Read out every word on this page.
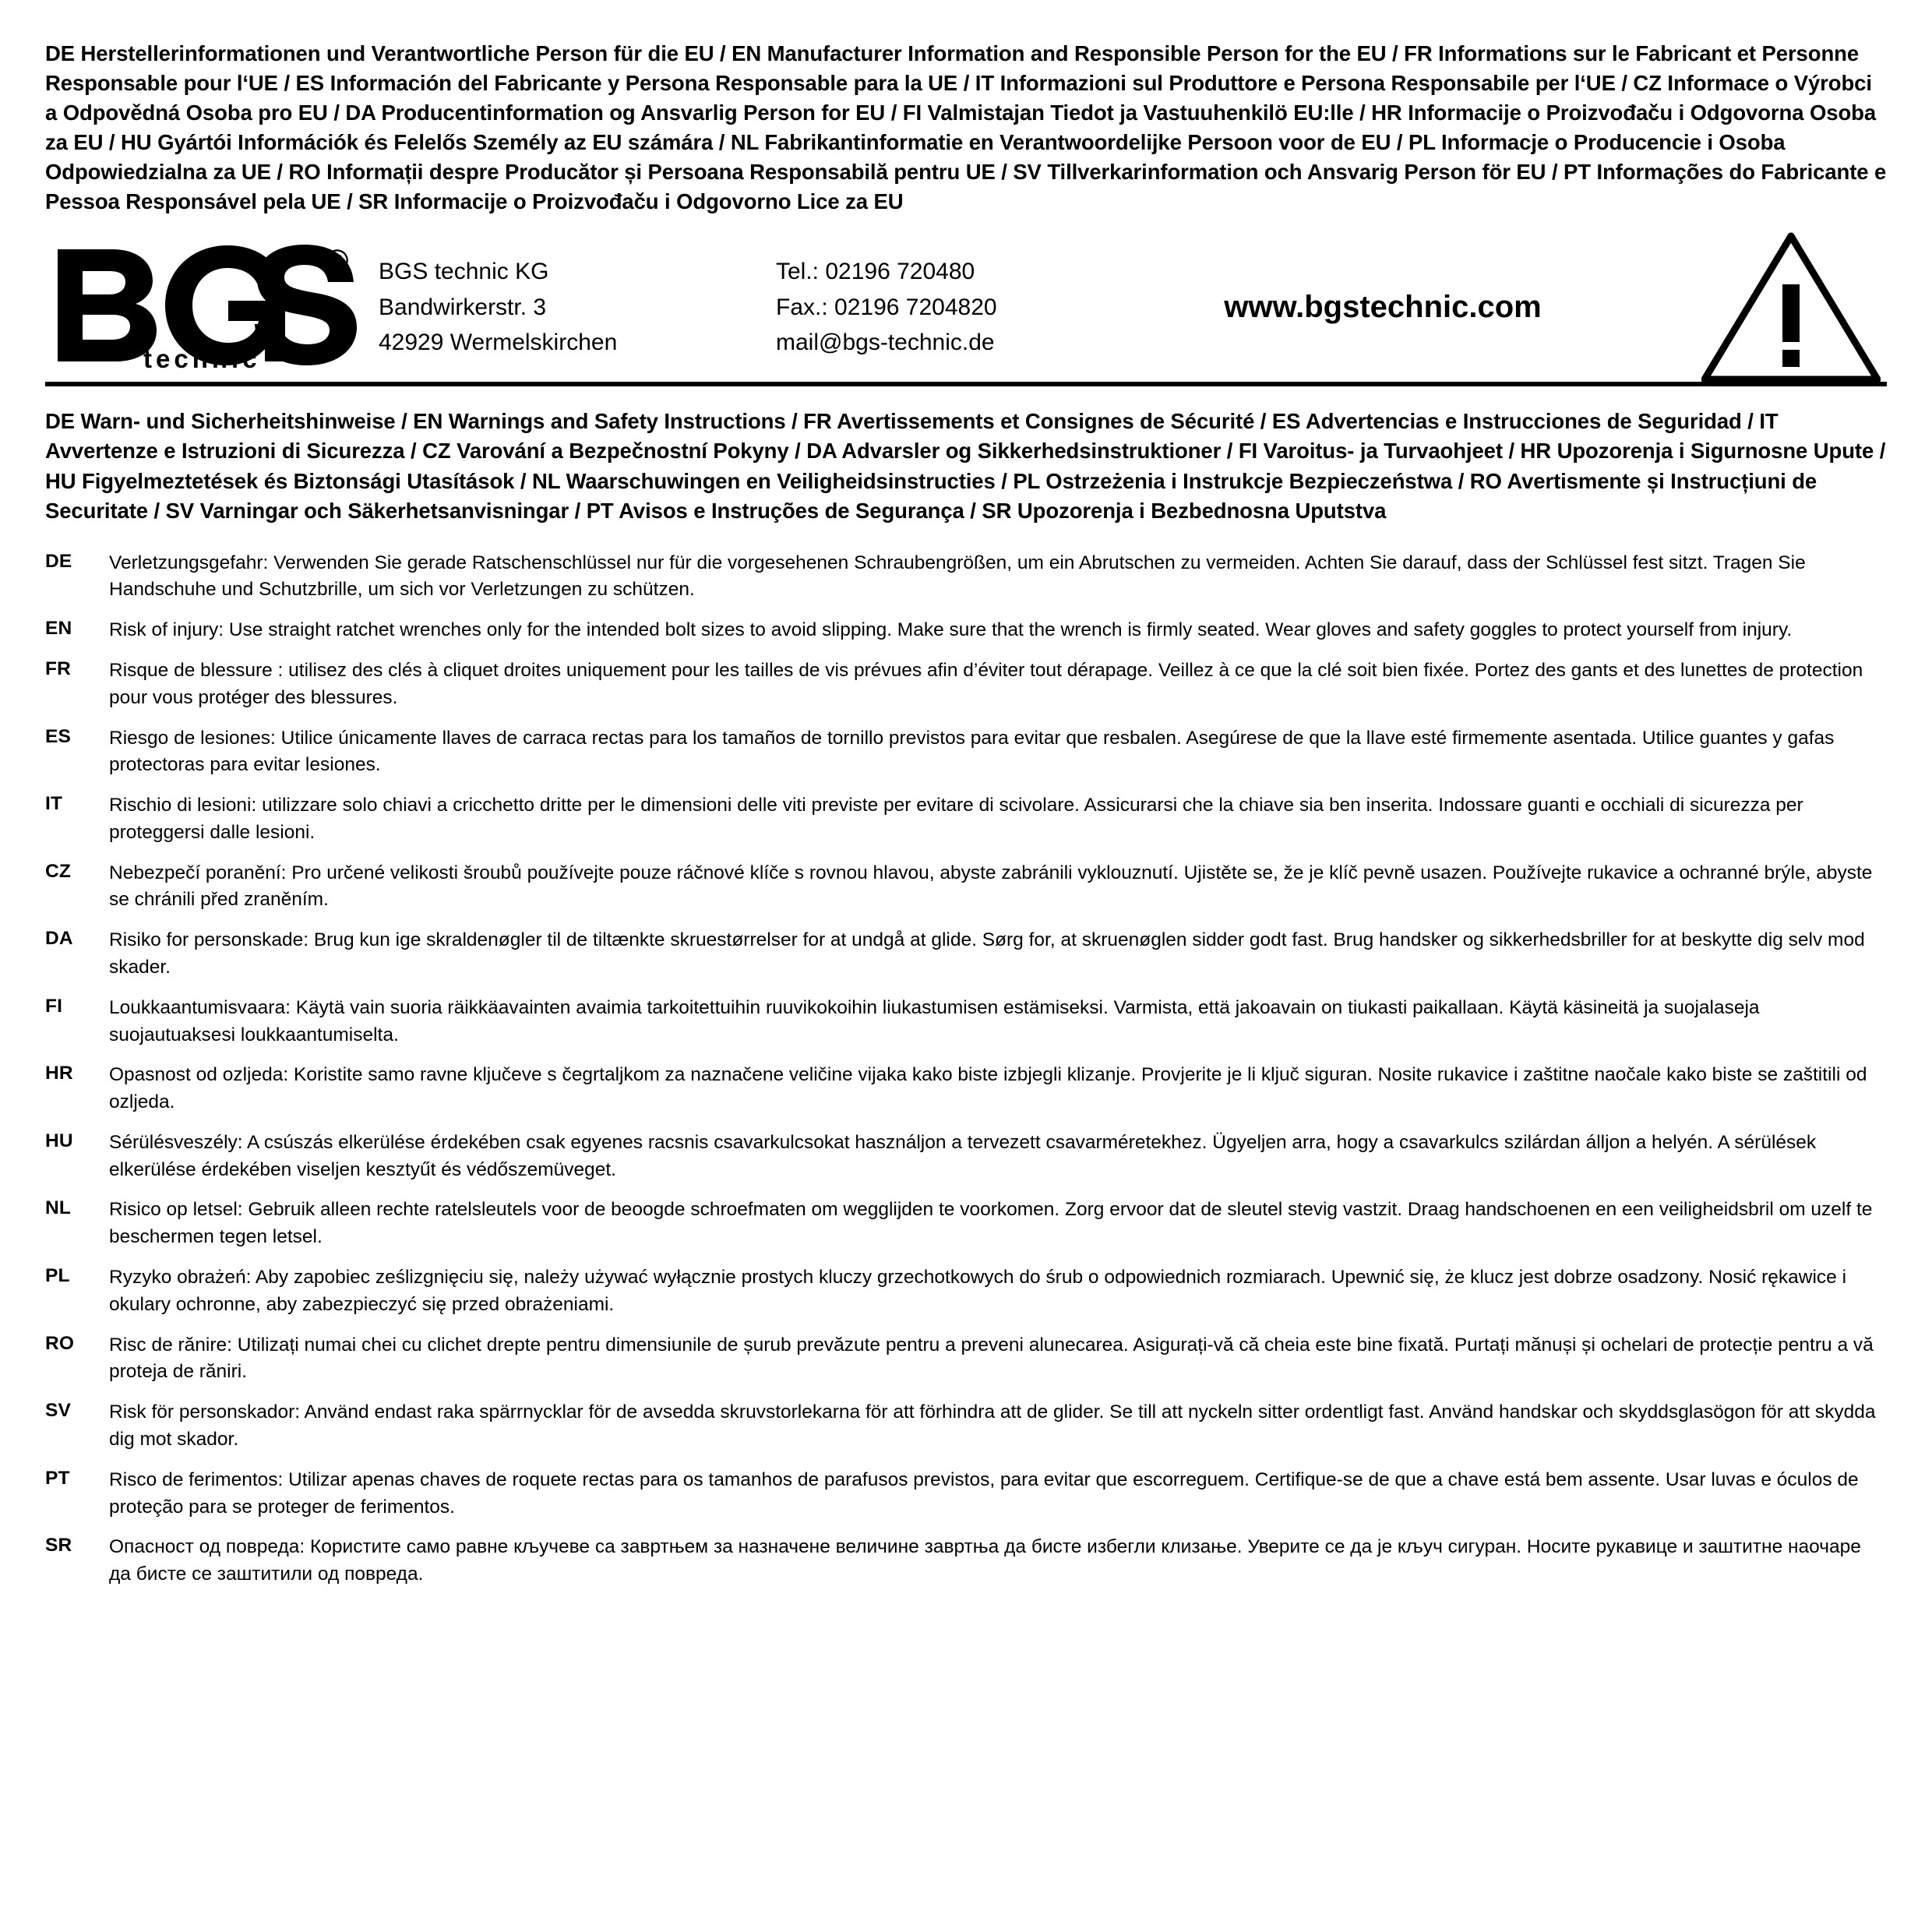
DE Herstellerinformationen und Verantwortliche Person für die EU / EN Manufacturer Information and Responsible Person for the EU / FR Informations sur le Fabricant et Personne Responsable pour l‘UE / ES Información del Fabricante y Persona Responsable para la UE / IT Informazioni sul Produttore e Persona Responsabile per l‘UE / CZ Informace o Výrobci a Odpovědná Osoba pro EU / DA Producentinformation og Ansvarlig Person for EU / FI Valmistajan Tiedot ja Vastuuhenkilö EU:lle / HR Informacije o Proizvođaču i Odgovorna Osoba za EU / HU Gyártói Információk és Felelős Személy az EU számára / NL Fabrikantinformatie en Verantwoordelijke Persoon voor de EU / PL Informacje o Producencie i Osoba Odpowiedzialna za UE / RO Informații despre Producător și Persoana Responsabilă pentru UE / SV Tillverkarinformation och Ansvarig Person för EU / PT Informações do Fabricante e Pessoa Responsável pela UE / SR Informacije o Proizvođaču i Odgovorno Lice za EU
®
technic
BGS technic KG
Bandwirkerstr. 3
42929 Wermelskirchen
Tel.: 02196 720480
Fax.: 02196 7204820
mail@bgs-technic.de
www.bgstechnic.com
DE Warn- und Sicherheitshinweise / EN Warnings and Safety Instructions / FR Avertissements et Consignes de Sécurité / ES Advertencias e Instrucciones de Seguridad / IT Avvertenze e Istruzioni di Sicurezza / CZ Varování a Bezpečnostní Pokyny / DA Advarsler og Sikkerhedsinstruktioner / FI Varoitus- ja Turvaohjeet / HR Upozorenja i Sigurnosne Upute / HU Figyelmeztetések és Biztonsági Utasítások / NL Waarschuwingen en Veiligheidsinstructies / PL Ostrzeżenia i Instrukcje Bezpieczeństwa / RO Avertismente și Instrucțiuni de Securitate / SV Varningar och Säkerhetsanvisningar / PT Avisos e Instruções de Segurança / SR Upozorenja i Bezbednosna Uputstva
DE	Verletzungsgefahr: Verwenden Sie gerade Ratschenschlüssel nur für die vorgesehenen Schraubengrößen, um ein Abrutschen zu vermeiden. Achten Sie darauf, dass der Schlüssel fest sitzt. Tragen Sie Handschuhe und Schutzbrille, um sich vor Verletzungen zu schützen.
EN	Risk of injury: Use straight ratchet wrenches only for the intended bolt sizes to avoid slipping. Make sure that the wrench is firmly seated. Wear gloves and safety goggles to protect yourself from injury.
FR	Risque de blessure : utilisez des clés à cliquet droites uniquement pour les tailles de vis prévues afin d’éviter tout dérapage. Veillez à ce que la clé soit bien fixée. Portez des gants et des lunettes de protection pour vous protéger des blessures.
ES	Riesgo de lesiones: Utilice únicamente llaves de carraca rectas para los tamaños de tornillo previstos para evitar que resbalen. Asegúrese de que la llave esté firmemente asentada. Utilice guantes y gafas protectoras para evitar lesiones.
IT	Rischio di lesioni: utilizzare solo chiavi a cricchetto dritte per le dimensioni delle viti previste per evitare di scivolare. Assicurarsi che la chiave sia ben inserita. Indossare guanti e occhiali di sicurezza per proteggersi dalle lesioni.
CZ	Nebezpečí poranění: Pro určené velikosti šroubů používejte pouze ráčnové klíče s rovnou hlavou, abyste zabránili vyklouznutí. Ujistěte se, že je klíč pevně usazen. Používejte rukavice a ochranné brýle, abyste se chránili před zraněním.
DA	Risiko for personskade: Brug kun ige skraldenøgler til de tiltænkte skruestørrelser for at undgå at glide. Sørg for, at skruenøglen sidder godt fast. Brug handsker og sikkerhedsbriller for at beskytte dig selv mod skader.
FI	Loukkaantumisvaara: Käytä vain suoria räikkäavainten avaimia tarkoitettuihin ruuvikokoihin liukastumisen estämiseksi. Varmista, että jakoavain on tiukasti paikallaan. Käytä käsineitä ja suojalaseja suojautuaksesi loukkaantumiselta.
HR	Opasnost od ozljeda: Koristite samo ravne ključeve s čegrtaljkom za naznačene veličine vijaka kako biste izbjegli klizanje. Provjerite je li ključ siguran. Nosite rukavice i zaštitne naočale kako biste se zaštitili od ozljeda.
HU	Sérülésveszély: A csúszás elkerülése érdekében csak egyenes racsnis csavarkulcsokat használjon a tervezett csavarméretekhez. Ügyeljen arra, hogy a csavarkulcs szilárdan álljon a helyén. A sérülések elkerülése érdekében viseljen kesztyűt és védőszemüveget.
NL	Risico op letsel: Gebruik alleen rechte ratelsleutels voor de beoogde schroefmaten om wegglijden te voorkomen. Zorg ervoor dat de sleutel stevig vastzit. Draag handschoenen en een veiligheidsbril om uzelf te beschermen tegen letsel.
PL	Ryzyko obrażeń: Aby zapobiec ześlizgnięciu się, należy używać wyłącznie prostych kluczy grzechotkowych do śrub o odpowiednich rozmiarach. Upewnić się, że klucz jest dobrze osadzony. Nosić rękawice i okulary ochronne, aby zabezpieczyć się przed obrażeniami.
RO	Risc de rănire: Utilizați numai chei cu clichet drepte pentru dimensiunile de șurub prevăzute pentru a preveni alunecarea. Asigurați-vă că cheia este bine fixată. Purtați mănuși și ochelari de protecție pentru a vă proteja de răniri.
SV	Risk för personskador: Använd endast raka spärrnycklar för de avsedda skruvstorlekarna för att förhindra att de glider. Se till att nyckeln sitter ordentligt fast. Använd handskar och skyddsglasögon för att skydda dig mot skador.
PT	Risco de ferimentos: Utilizar apenas chaves de roquete rectas para os tamanhos de parafusos previstos, para evitar que escorreguem. Certifique-se de que a chave está bem assente. Usar luvas e óculos de proteção para se proteger de ferimentos.
SR	Опасност од повреда: Користите само равне кључеве са завртњем за назначене величине завртња да бисте избегли клизање. Уверите се да је кључ сигуран. Носите рукавице и заштитне наочаре да бисте се заштитили од повреда.
